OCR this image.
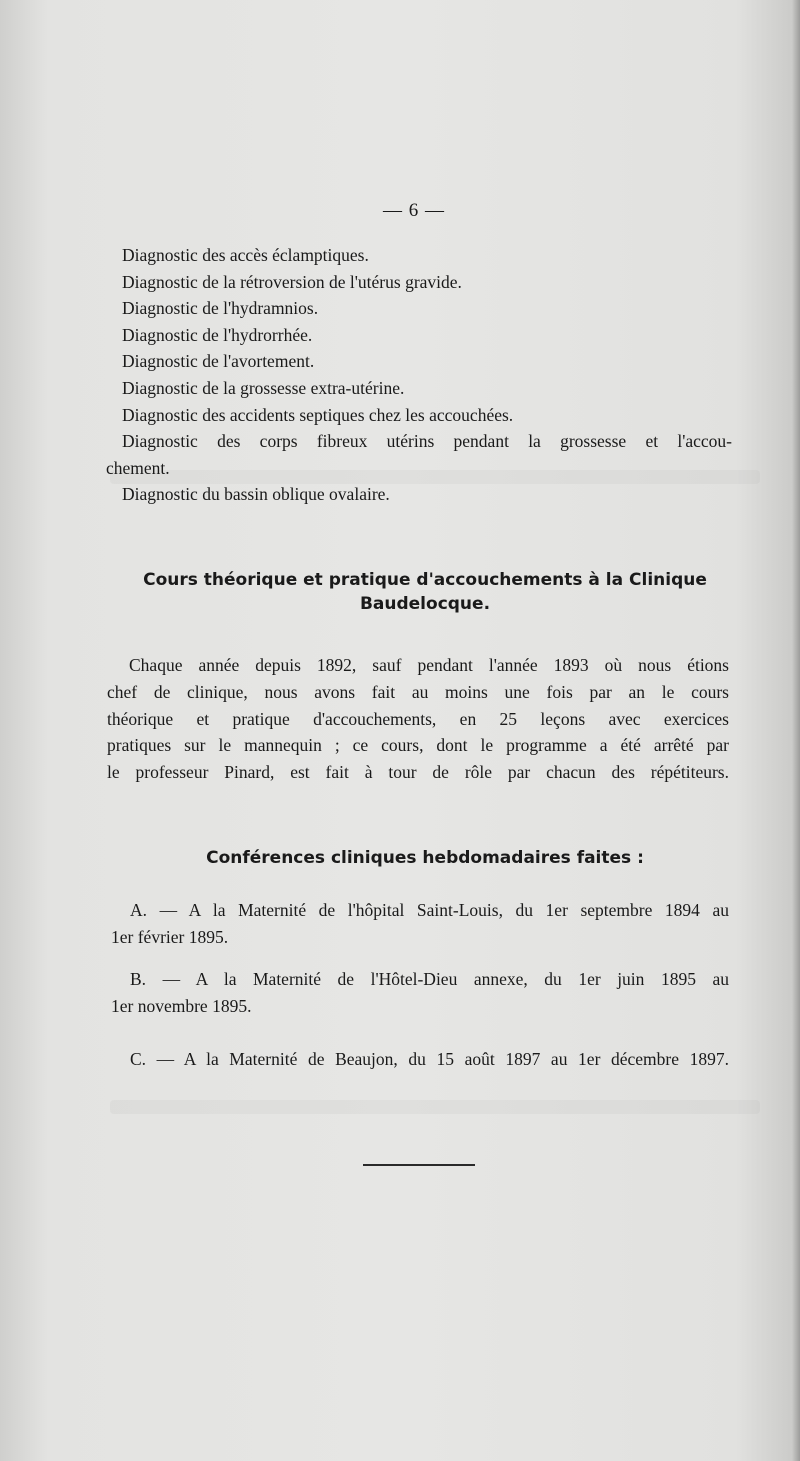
— 6 —
Diagnostic des accès éclamptiques.
Diagnostic de la rétroversion de l'utérus gravide.
Diagnostic de l'hydramnios.
Diagnostic de l'hydrorrhée.
Diagnostic de l'avortement.
Diagnostic de la grossesse extra-utérine.
Diagnostic des accidents septiques chez les accouchées.
Diagnostic des corps fibreux utérins pendant la grossesse et l'accou-
chement.
Diagnostic du bassin oblique ovalaire.
Cours théorique et pratique d'accouchements à la Clinique
Baudelocque.

Chaque année depuis 1892, sauf pendant l'année 1893 où nous étions
chef de clinique, nous avons fait au moins une fois par an le cours
théorique et pratique d'accouchements, en 25 leçons avec exercices
pratiques sur le mannequin ; ce cours, dont le programme a été arrêté par
le professeur Pinard, est fait à tour de rôle par chacun des répétiteurs.

Conférences cliniques hebdomadaires faites :
A. — A la Maternité de l'hôpital Saint-Louis, du 1er septembre 1894 au
1er février 1895.
B. — A la Maternité de l'Hôtel-Dieu annexe, du 1er juin 1895 au
1er novembre 1895.
C. — A la Maternité de Beaujon, du 15 août 1897 au 1er décembre 1897.
